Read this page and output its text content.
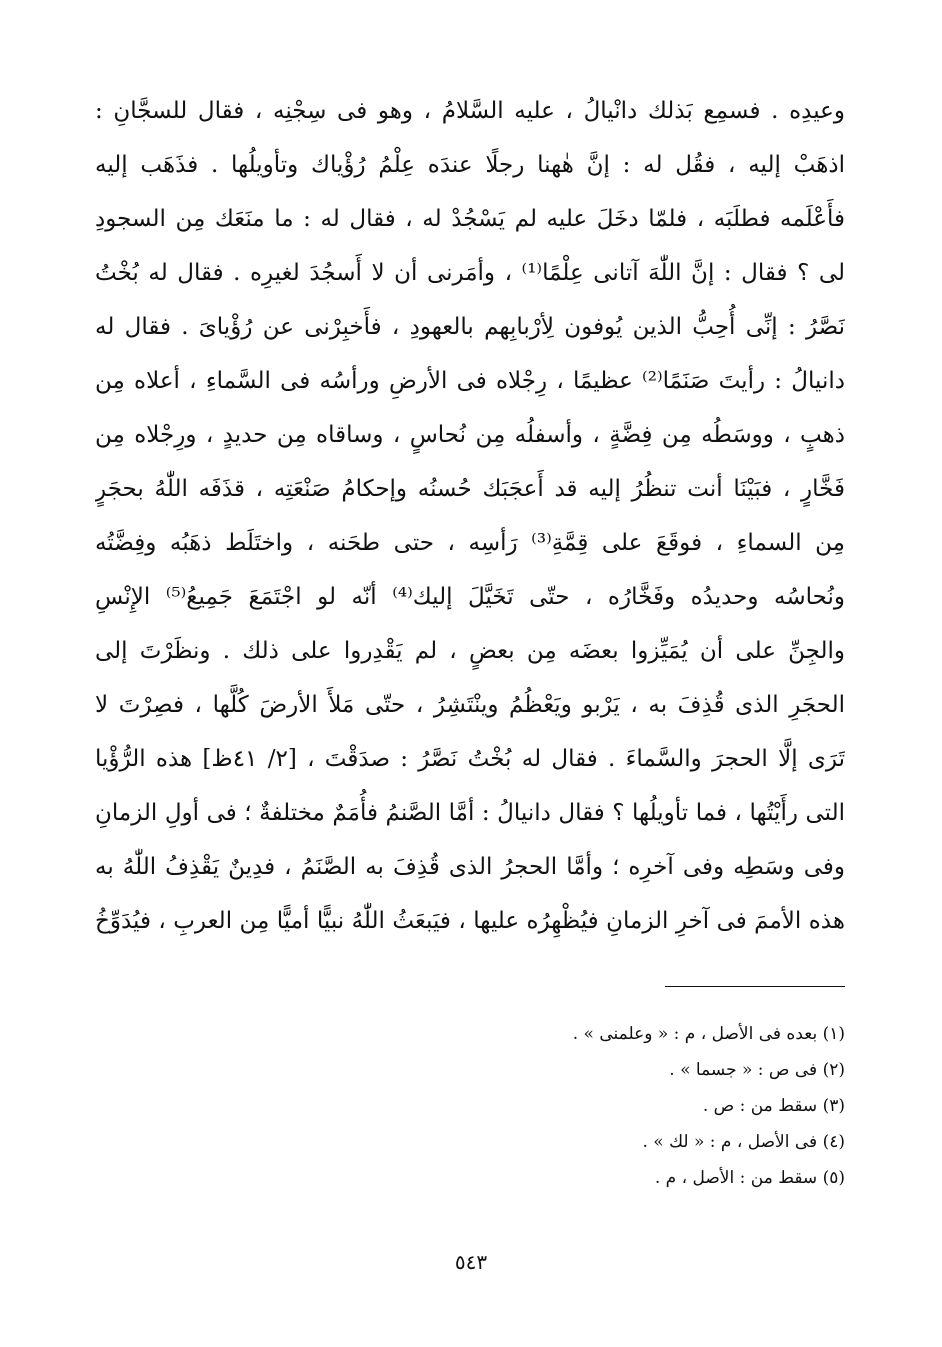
وعيدِه . فسمِع بَذلك دانْيالُ ، عليه السَّلامُ ، وهو فى سِجْنِه ، فقال للسجَّانِ :
اذهَبْ إليه ، فقُل له : إنَّ هٰهنا رجلًا عندَه عِلْمُ رُؤْياك وتأويلُها . فذَهَب إليه
فأَعْلَمه فطلَبَه ، فلمّا دخَلَ عليه لم يَسْجُدْ له ، فقال له : ما منَعَك مِن السجودِ
لى ؟ فقال : إنَّ اللّٰهَ آتانى عِلْمًا⁽¹⁾ ، وأمَرنى أن لا أَسجُدَ لغيرِه . فقال له بُخْتُ
نَصَّرُ : إنِّى أُحِبُّ الذين يُوفون لِأرْبابِهم بالعهودِ ، فأَخبِرْنى عن رُؤْيایَ . فقال له
دانيالُ : رأيتَ صَنَمًا⁽²⁾ عظيمًا ، رِجْلاه فى الأرضِ ورأسُه فى السَّماءِ ، أعلاه مِن
ذهبٍ ، ووسَطُه مِن فِضَّةٍ ، وأسفلُه مِن نُحاسٍ ، وساقاه مِن حديدٍ ، ورِجْلاه مِن
فَخَّارٍ ، فبَيْنَا أنت تنظُرُ إليه قد أَعجَبَك حُسنُه وإحكامُ صَنْعَتِه ، قذَفَه اللّٰهُ بحجَرٍ
مِن السماءِ ، فوقَعَ على قِمَّةِ⁽³⁾ رَأسِه ، حتى طحَنه ، واختَلَط ذهَبُه وفِضَّتُه
ونُحاسُه وحديدُه وفَخَّارُه ، حتّى تَخَيَّلَ إليك⁽⁴⁾ أنّه لو اجْتَمَعَ جَمِيعُ⁽⁵⁾ الإِنْسِ
والجِنِّ على أن يُمَيِّزوا بعضَه مِن بعضٍ ، لم يَقْدِروا على ذلك . ونظَرْتَ إلى
الحجَرِ الذى قُذِفَ به ، يَرْبو ويَعْظُمُ وينْتَشِرُ ، حتّى مَلأَ الأرضَ كُلَّها ، فصِرْتَ لا
تَرَى إلَّا الحجرَ والسَّماءَ . فقال له بُخْتُ نَصَّرُ : صدَقْتَ ، [٢/ ٤١ظ] هذه الرُّؤْيا
التى رأَيْتُها ، فما تأويلُها ؟ فقال دانيالُ : أمَّا الصَّنمُ فأُمَمٌ مختلفةٌ ؛ فى أولِ الزمانِ
وفى وسَطِه وفى آخرِه ؛ وأمَّا الحجرُ الذى قُذِفَ به الصَّنَمُ ، فدِينٌ يَقْذِفُ اللّٰهُ به
هذه الأممَ فى آخرِ الزمانِ فيُظْهِرُه عليها ، فيَبعَثُ اللّٰهُ نبيًّا أميًّا مِن العربِ ، فيُدَوِّخُ
(١) بعده فى الأصل ، م : « وعلمنى » .
(٢) فى ص : « جسما » .
(٣) سقط من : ص .
(٤) فى الأصل ، م : « لك » .
(٥) سقط من : الأصل ، م .
٥٤٣
